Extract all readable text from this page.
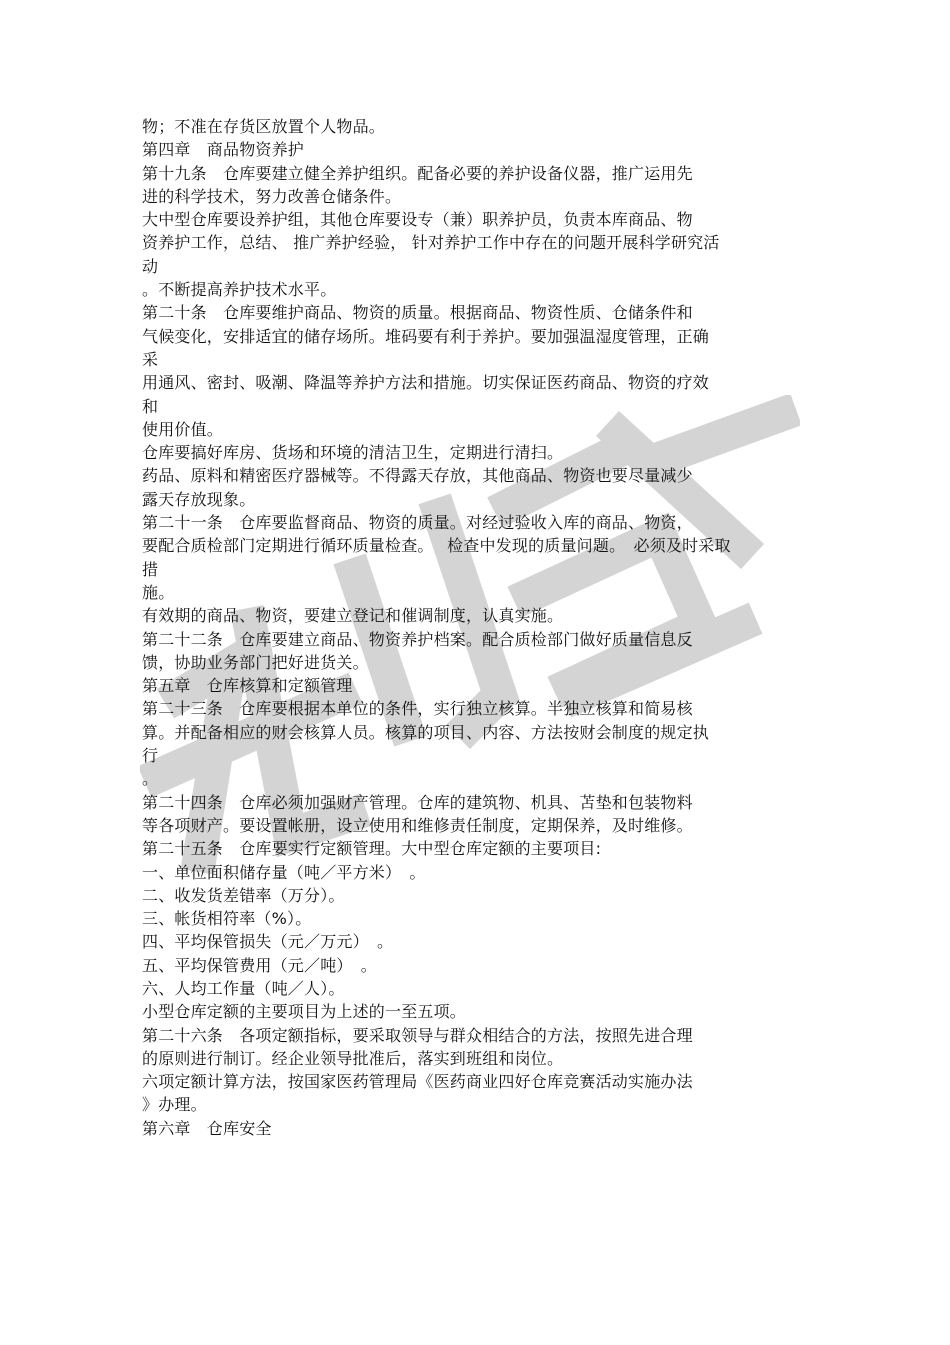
物；不准在存货区放置个人物品。
第四章　商品物资养护
第十九条　仓库要建立健全养护组织。配备必要的养护设备仪器，推广运用先
进的科学技术，努力改善仓储条件。
大中型仓库要设养护组，其他仓库要设专（兼）职养护员，负责本库商品、物
资养护工作，总结、 推广养护经验， 针对养护工作中存在的问题开展科学研究活
动
。不断提高养护技术水平。
第二十条　仓库要维护商品、物资的质量。根据商品、物资性质、仓储条件和
气候变化，安排适宜的储存场所。堆码要有利于养护。要加强温湿度管理，正确
采
用通风、密封、吸潮、降温等养护方法和措施。切实保证医药商品、物资的疗效
和
使用价值。
仓库要搞好库房、货场和环境的清洁卫生，定期进行清扫。
药品、原料和精密医疗器械等。不得露天存放，其他商品、物资也要尽量减少
露天存放现象。
第二十一条　仓库要监督商品、物资的质量。对经过验收入库的商品、物资，
要配合质检部门定期进行循环质量检查。　 检查中发现的质量问题。　必须及时采取
措
施。
有效期的商品、物资，要建立登记和催调制度，认真实施。
第二十二条　仓库要建立商品、物资养护档案。配合质检部门做好质量信息反
馈，协助业务部门把好进货关。
第五章　仓库核算和定额管理
第二十三条　仓库要根据本单位的条件，实行独立核算。半独立核算和简易核
算。并配备相应的财会核算人员。核算的项目、内容、方法按财会制度的规定执
行
。
第二十四条　仓库必须加强财产管理。仓库的建筑物、机具、苫垫和包装物料
等各项财产。要设置帐册，设立使用和维修责任制度，定期保养，及时维修。
第二十五条　仓库要实行定额管理。大中型仓库定额的主要项目:
一、单位面积储存量（吨／平方米）　。
二、收发货差错率（万分）。
三、帐货相符率（%）。
四、平均保管损失（元／万元）　。
五、平均保管费用（元／吨）　。
六、人均工作量（吨／人）。
小型仓库定额的主要项目为上述的一至五项。
第二十六条　各项定额指标，要采取领导与群众相结合的方法，按照先进合理
的原则进行制订。经企业领导批准后，落实到班组和岗位。
六项定额计算方法，按国家医药管理局《医药商业四好仓库竞赛活动实施办法
》办理。
第六章　仓库安全
